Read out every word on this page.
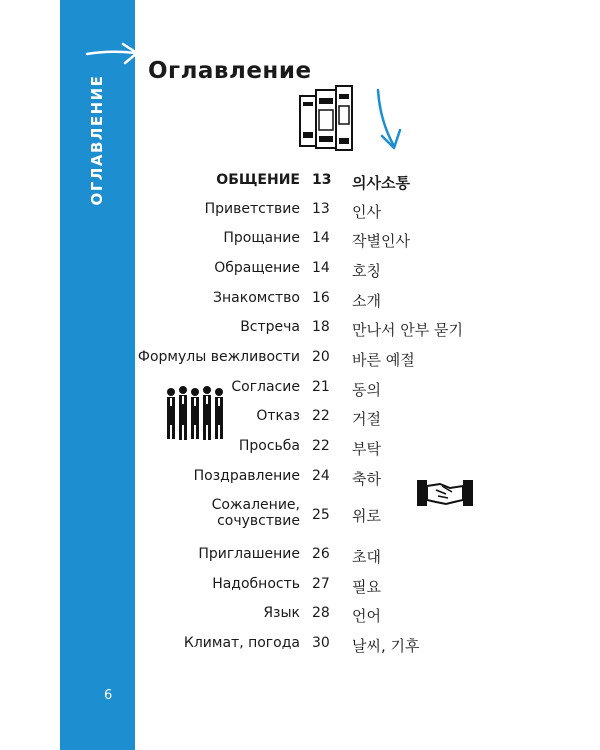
ОГЛАВЛЕНИЕ
6
Оглавление
ОБЩЕНИЕ 13	의사소통
Приветствие 13	인사
Прощание 14	작별인사
Обращение 14	호칭
Знакомство 16	소개
Встреча 18	만나서 안부 묻기
Формулы вежливости 20	바른 예절
Согласие 21	동의
Отказ 22	거절
Просьба 22	부탁
Поздравление 24	축하
Сожаление,
сочувствие 25	위로
Приглашение 26	초대
Надобность 27	필요
Язык 28	언어
Климат, погода 30	날씨, 기후
